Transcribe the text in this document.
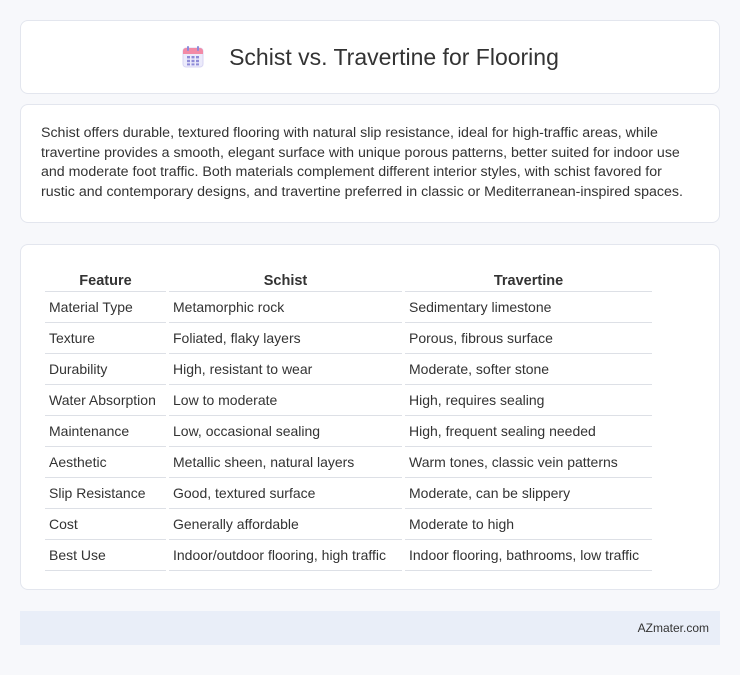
Schist vs. Travertine for Flooring

Schist offers durable, textured flooring with natural slip resistance, ideal for high-traffic areas, while travertine provides a smooth, elegant surface with unique porous patterns, better suited for indoor use and moderate foot traffic. Both materials complement different interior styles, with schist favored for rustic and contemporary designs, and travertine preferred in classic or Mediterranean-inspired spaces.

Feature	Schist	Travertine
Material Type	Metamorphic rock	Sedimentary limestone
Texture	Foliated, flaky layers	Porous, fibrous surface
Durability	High, resistant to wear	Moderate, softer stone
Water Absorption	Low to moderate	High, requires sealing
Maintenance	Low, occasional sealing	High, frequent sealing needed
Aesthetic	Metallic sheen, natural layers	Warm tones, classic vein patterns
Slip Resistance	Good, textured surface	Moderate, can be slippery
Cost	Generally affordable	Moderate to high
Best Use	Indoor/outdoor flooring, high traffic	Indoor flooring, bathrooms, low traffic
AZmater.com
